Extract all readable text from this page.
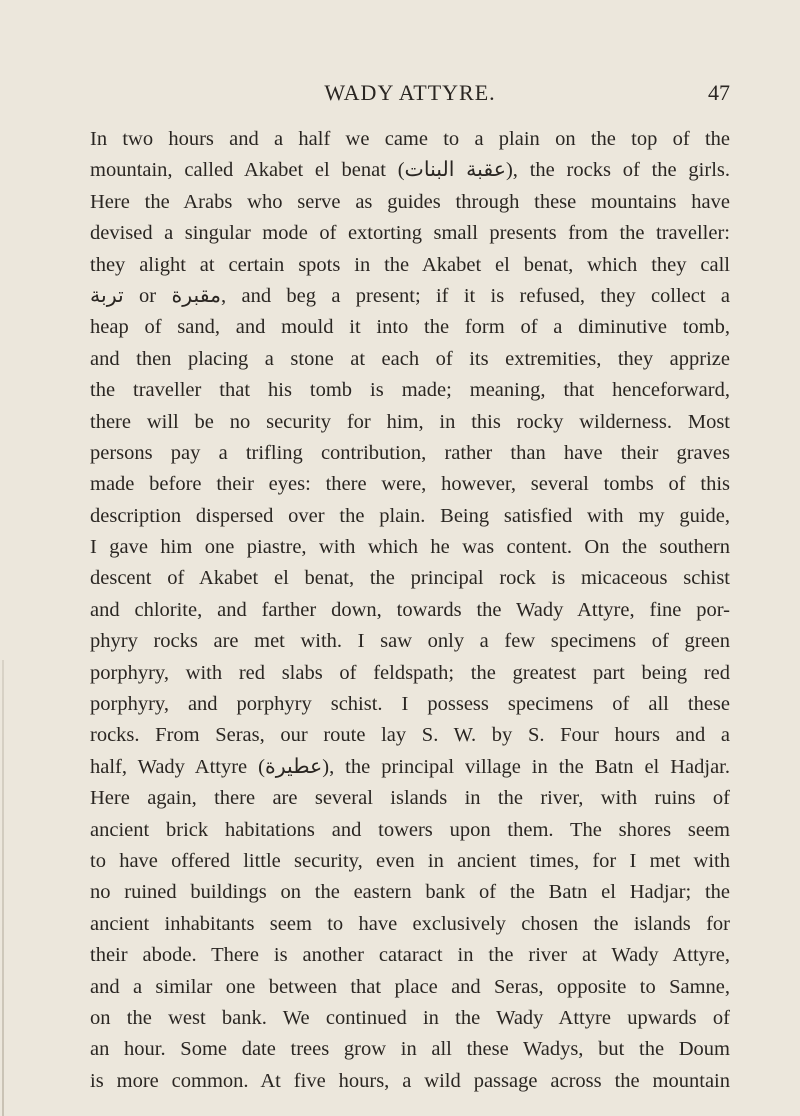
WADY ATTYRE.	47
In two hours and a half we came to a plain on the top of the
mountain, called Akabet el benat (عقبة البنات), the rocks of the girls.
Here the Arabs who serve as guides through these mountains have
devised a singular mode of extorting small presents from the traveller:
they alight at certain spots in the Akabet el benat, which they call
تربة or مقبرة, and beg a present; if it is refused, they collect a
heap of sand, and mould it into the form of a diminutive tomb,
and then placing a stone at each of its extremities, they apprize
the traveller that his tomb is made; meaning, that henceforward,
there will be no security for him, in this rocky wilderness. Most
persons pay a trifling contribution, rather than have their graves
made before their eyes: there were, however, several tombs of this
description dispersed over the plain. Being satisfied with my guide,
I gave him one piastre, with which he was content. On the southern
descent of Akabet el benat, the principal rock is micaceous schist
and chlorite, and farther down, towards the Wady Attyre, fine por-
phyry rocks are met with. I saw only a few specimens of green
porphyry, with red slabs of feldspath; the greatest part being red
porphyry, and porphyry schist. I possess specimens of all these
rocks. From Seras, our route lay S. W. by S. Four hours and a
half, Wady Attyre (عطيرة), the principal village in the Batn el Hadjar.
Here again, there are several islands in the river, with ruins of
ancient brick habitations and towers upon them. The shores seem
to have offered little security, even in ancient times, for I met with
no ruined buildings on the eastern bank of the Batn el Hadjar; the
ancient inhabitants seem to have exclusively chosen the islands for
their abode. There is another cataract in the river at Wady Attyre,
and a similar one between that place and Seras, opposite to Samne,
on the west bank. We continued in the Wady Attyre upwards of
an hour. Some date trees grow in all these Wadys, but the Doum
is more common. At five hours, a wild passage across the mountain
